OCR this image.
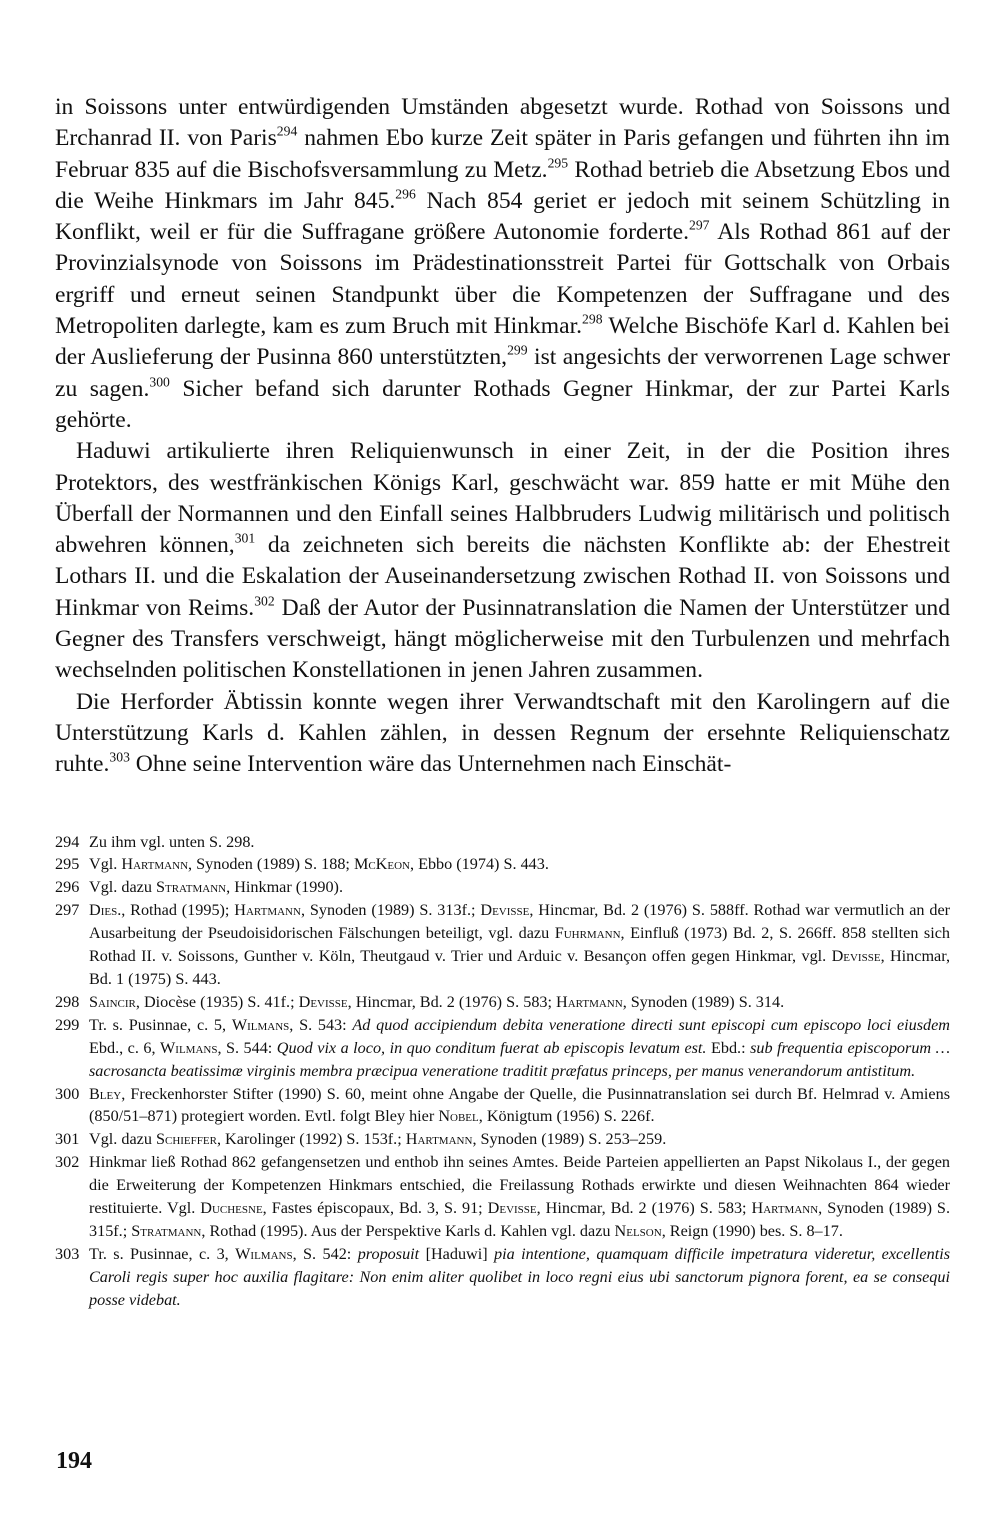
in Soissons unter entwürdigenden Umständen abgesetzt wurde. Rothad von Soissons und Erchanrad II. von Paris$^{294}$ nahmen Ebo kurze Zeit später in Paris gefangen und führten ihn im Februar 835 auf die Bischofsversammlung zu Metz.$^{295}$ Rothad betrieb die Absetzung Ebos und die Weihe Hinkmars im Jahr 845.$^{296}$ Nach 854 geriet er jedoch mit seinem Schützling in Konflikt, weil er für die Suffragane größere Autonomie forderte.$^{297}$ Als Rothad 861 auf der Provinzialsynode von Soissons im Prädestinationsstreit Partei für Gottschalk von Orbais ergriff und erneut seinen Standpunkt über die Kompetenzen der Suffragane und des Metropoliten darlegte, kam es zum Bruch mit Hinkmar.$^{298}$ Welche Bischöfe Karl d. Kahlen bei der Auslieferung der Pusinna 860 unterstützten,$^{299}$ ist angesichts der verworrenen Lage schwer zu sagen.$^{300}$ Sicher befand sich darunter Rothads Gegner Hinkmar, der zur Partei Karls gehörte.

Haduwi artikulierte ihren Reliquienwunsch in einer Zeit, in der die Position ihres Protektors, des westfränkischen Königs Karl, geschwächt war. 859 hatte er mit Mühe den Überfall der Normannen und den Einfall seines Halbbruders Ludwig militärisch und politisch abwehren können,$^{301}$ da zeichneten sich bereits die nächsten Konflikte ab: der Ehestreit Lothars II. und die Eskalation der Auseinandersetzung zwischen Rothad II. von Soissons und Hinkmar von Reims.$^{302}$ Daß der Autor der Pusinnatranslation die Namen der Unterstützer und Gegner des Transfers verschweigt, hängt möglicherweise mit den Turbulenzen und mehrfach wechselnden politischen Konstellationen in jenen Jahren zusammen.

Die Herforder Äbtissin konnte wegen ihrer Verwandtschaft mit den Karolingern auf die Unterstützung Karls d. Kahlen zählen, in dessen Regnum der ersehnte Reliquienschatz ruhte.$^{303}$ Ohne seine Intervention wäre das Unternehmen nach Einschät-

294 Zu ihm vgl. unten S. 298.
295 Vgl. Hartmann, Synoden (1989) S. 188; McKeon, Ebbo (1974) S. 443.
296 Vgl. dazu Stratmann, Hinkmar (1990).
297 Dies., Rothad (1995); Hartmann, Synoden (1989) S. 313f.; Devisse, Hincmar, Bd. 2 (1976) S. 588ff. Rothad war vermutlich an der Ausarbeitung der Pseudoisidorischen Fälschungen beteiligt, vgl. dazu Fuhrmann, Einfluß (1973) Bd. 2, S. 266ff. 858 stellten sich Rothad II. v. Soissons, Gunther v. Köln, Theutgaud v. Trier und Arduic v. Besançon offen gegen Hinkmar, vgl. Devisse, Hincmar, Bd. 1 (1975) S. 443.
298 Saincir, Diocèse (1935) S. 41f.; Devisse, Hincmar, Bd. 2 (1976) S. 583; Hartmann, Synoden (1989) S. 314.
299 Tr. s. Pusinnae, c. 5, Wilmans, S. 543: Ad quod accipiendum debita veneratione directi sunt episcopi cum episcopo loci eiusdem Ebd., c. 6, Wilmans, S. 544: Quod vix a loco, in quo conditum fuerat ab episcopis levatum est. Ebd.: sub frequentia episcoporum … sacrosancta beatissimæ virginis membra præcipua veneratione traditit præfatus princeps, per manus venerandorum antistitum.
300 Bley, Freckenhorster Stifter (1990) S. 60, meint ohne Angabe der Quelle, die Pusinnatranslation sei durch Bf. Helmrad v. Amiens (850/51–871) protegiert worden. Evtl. folgt Bley hier Nobel, Königtum (1956) S. 226f.
301 Vgl. dazu Schieffer, Karolinger (1992) S. 153f.; Hartmann, Synoden (1989) S. 253–259.
302 Hinkmar ließ Rothad 862 gefangensetzen und enthob ihn seines Amtes. Beide Parteien appellierten an Papst Nikolaus I., der gegen die Erweiterung der Kompetenzen Hinkmars entschied, die Freilassung Rothads erwirkte und diesen Weihnachten 864 wieder restituierte. Vgl. Duchesne, Fastes épiscopaux, Bd. 3, S. 91; Devisse, Hincmar, Bd. 2 (1976) S. 583; Hartmann, Synoden (1989) S. 315f.; Stratmann, Rothad (1995). Aus der Perspektive Karls d. Kahlen vgl. dazu Nelson, Reign (1990) bes. S. 8–17.
303 Tr. s. Pusinnae, c. 3, Wilmans, S. 542: proposuit [Haduwi] pia intentione, quamquam difficile impetratura videretur, excellentis Caroli regis super hoc auxilia flagitare: Non enim aliter quolibet in loco regni eius ubi sanctorum pignora forent, ea se consequi posse videbat.
194
